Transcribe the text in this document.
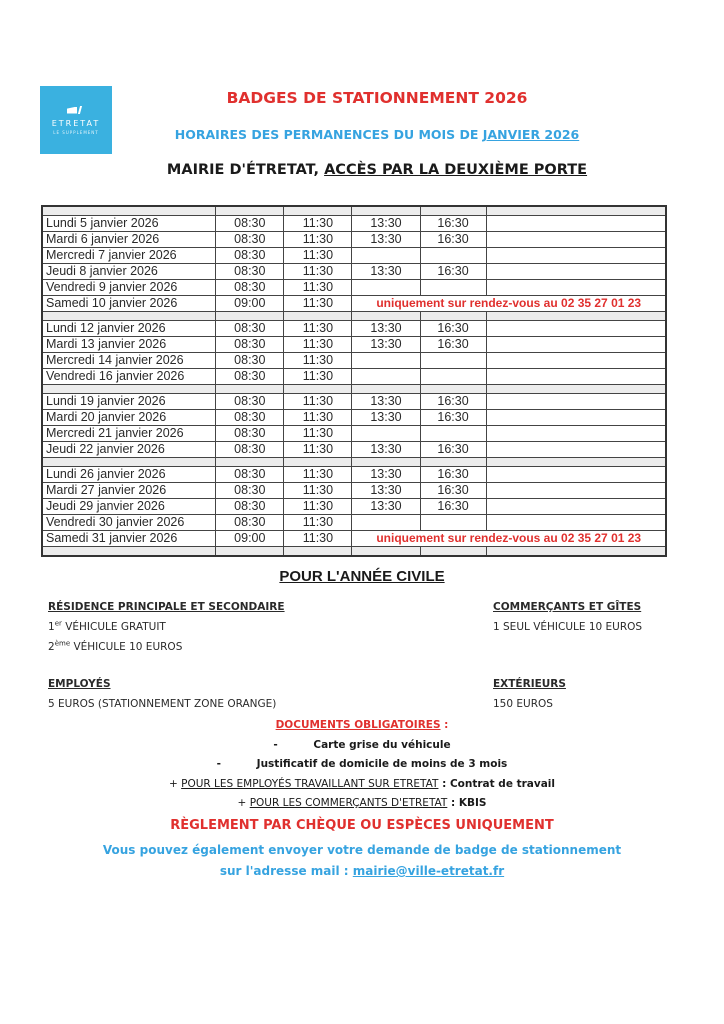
ETRETAT
LE SUPPLEMENT
BADGES DE STATIONNEMENT 2026
HORAIRES DES PERMANENCES DU MOIS DE JANVIER 2026
MAIRIE D'ÉTRETAT, ACCÈS PAR LA DEUXIÈME PORTE

Lundi 5 janvier 2026	08:30	11:30	13:30	16:30	
Mardi 6 janvier 2026	08:30	11:30	13:30	16:30	
Mercredi 7 janvier 2026	08:30	11:30			
Jeudi 8 janvier 2026	08:30	11:30	13:30	16:30	
Vendredi 9 janvier 2026	08:30	11:30			
Samedi 10 janvier 2026	09:00	11:30	uniquement sur rendez-vous au 02 35 27 01 23		

Lundi 12 janvier 2026	08:30	11:30	13:30	16:30	
Mardi 13 janvier 2026	08:30	11:30	13:30	16:30	
Mercredi 14 janvier 2026	08:30	11:30			
Vendredi 16 janvier 2026	08:30	11:30			

Lundi 19 janvier 2026	08:30	11:30	13:30	16:30	
Mardi 20 janvier 2026	08:30	11:30	13:30	16:30	
Mercredi 21 janvier 2026	08:30	11:30			
Jeudi 22 janvier 2026	08:30	11:30	13:30	16:30	

Lundi 26 janvier 2026	08:30	11:30	13:30	16:30	
Mardi 27 janvier 2026	08:30	11:30	13:30	16:30	
Jeudi 29 janvier 2026	08:30	11:30	13:30	16:30	
Vendredi 30 janvier 2026	08:30	11:30			
Samedi 31 janvier 2026	09:00	11:30	uniquement sur rendez-vous au 02 35 27 01 23		

POUR L'ANNÉE CIVILE
RÉSIDENCE PRINCIPALE ET SECONDAIRE
1er VÉHICULE GRATUIT
2ème VÉHICULE 10 EUROS
EMPLOYÉS
5 EUROS (STATIONNEMENT ZONE ORANGE)
COMMERÇANTS ET GÎTES
1 SEUL VÉHICULE 10 EUROS
EXTÉRIEURS
150 EUROS
DOCUMENTS OBLIGATOIRES :
-	Carte grise du véhicule
-	Justificatif de domicile de moins de 3 mois
+ POUR LES EMPLOYÉS TRAVAILLANT SUR ETRETAT : Contrat de travail
+ POUR LES COMMERÇANTS D'ETRETAT : KBIS
RÈGLEMENT PAR CHÈQUE OU ESPÈCES UNIQUEMENT
Vous pouvez également envoyer votre demande de badge de stationnement
sur l'adresse mail : mairie@ville-etretat.fr
